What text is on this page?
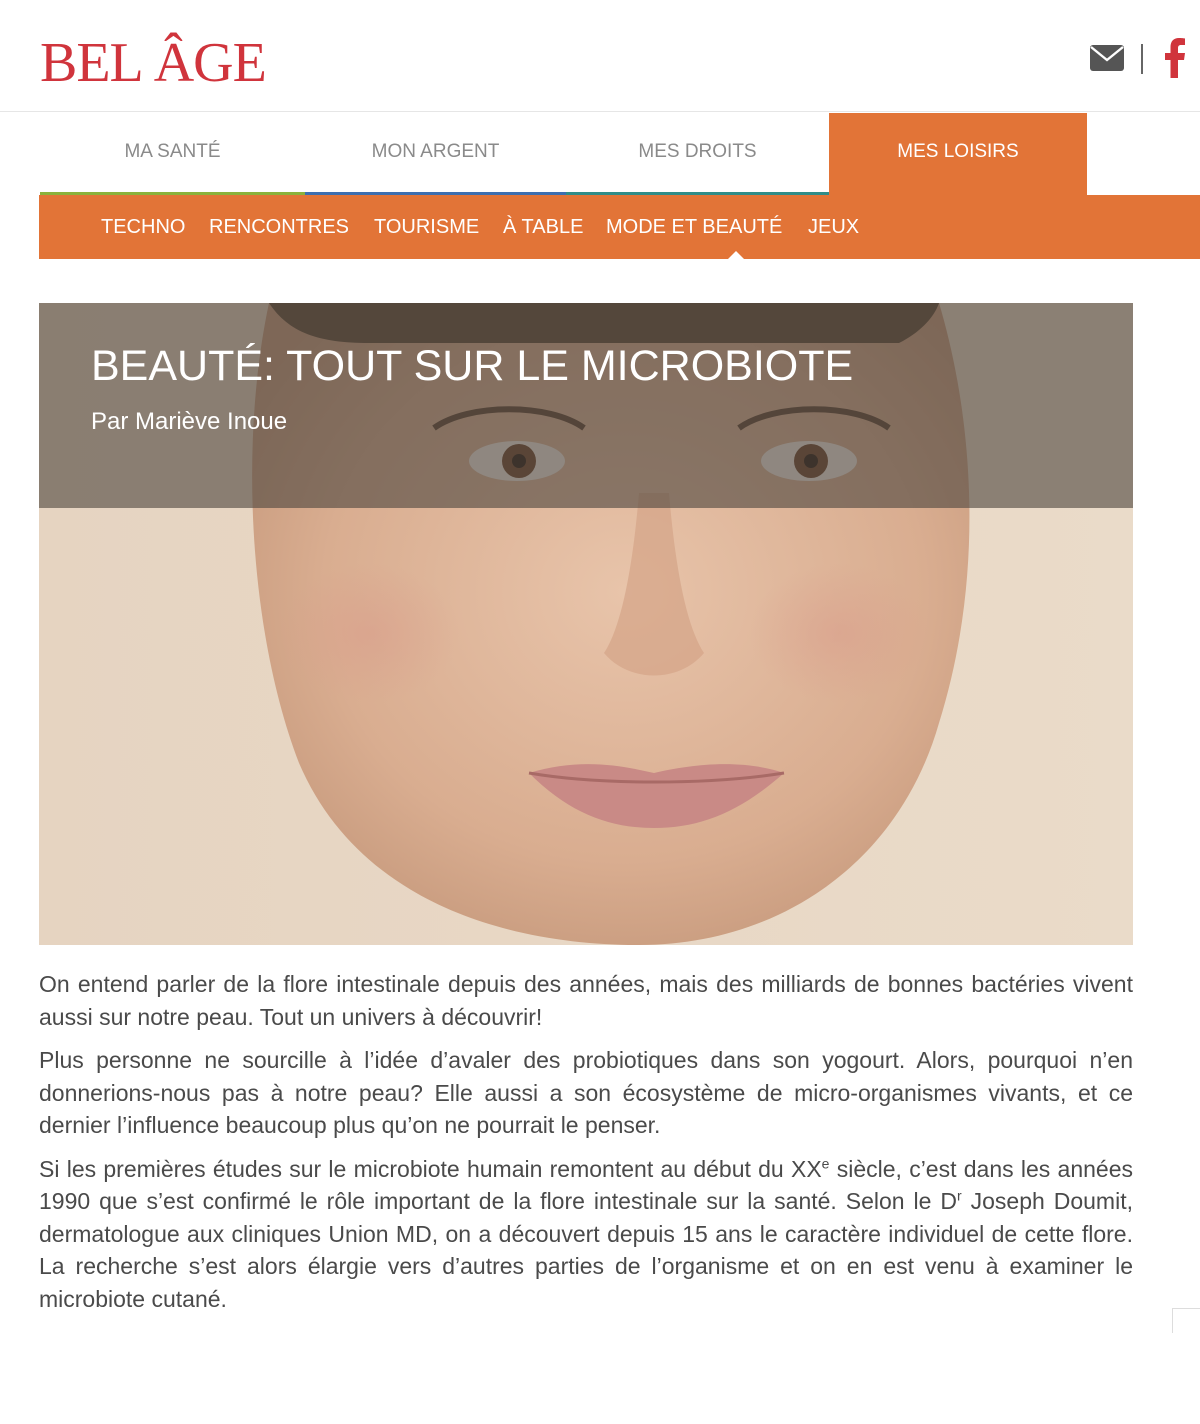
BEL ÂGE
MA SANTÉ	MON ARGENT	MES DROITS	MES LOISIRS
TECHNO RENCONTRES TOURISME À TABLE MODE ET BEAUTÉ JEUX
BEAUTÉ: TOUT SUR LE MICROBIOTE
Par Mariève Inoue

On entend parler de la flore intestinale depuis des années, mais des milliards de bonnes bactéries vivent aussi sur notre peau. Tout un univers à découvrir!

Plus personne ne sourcille à l’idée d’avaler des probiotiques dans son yogourt. Alors, pourquoi n’en donnerions-nous pas à notre peau? Elle aussi a son écosystème de micro-organismes vivants, et ce dernier l’influence beaucoup plus qu’on ne pourrait le penser.

Si les premières études sur le microbiote humain remontent au début du XXe siècle, c’est dans les années 1990 que s’est confirmé le rôle important de la flore intestinale sur la santé. Selon le $D^r$ Joseph Doumit, dermatologue aux cliniques Union MD, on a découvert depuis 15 ans le caractère individuel de cette flore. La recherche s’est alors élargie vers d’autres parties de l’organisme et on en est venu à examiner le microbiote cutané.
